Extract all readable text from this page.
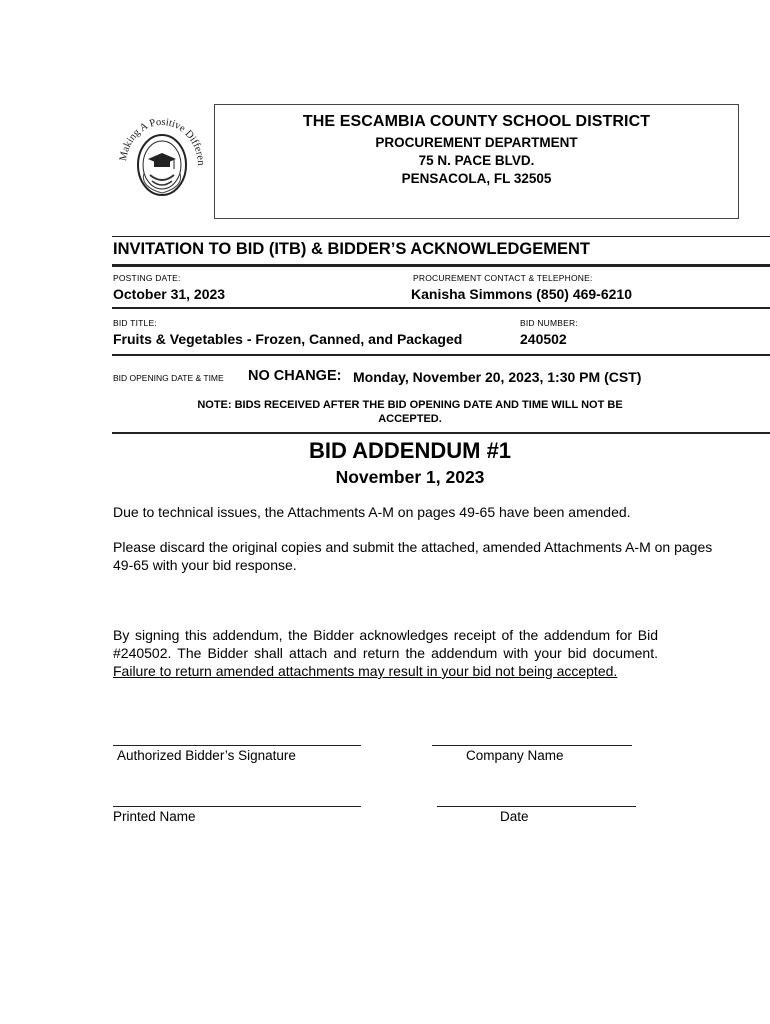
Making A Positive Differen
THE ESCAMBIA COUNTY SCHOOL DISTRICT
PROCUREMENT DEPARTMENT
75 N. PACE BLVD.
PENSACOLA, FL 32505
INVITATION TO BID (ITB) & BIDDER’S ACKNOWLEDGEMENT
POSTING DATE:
October 31, 2023
PROCUREMENT CONTACT & TELEPHONE:
Kanisha Simmons (850) 469-6210
BID TITLE:
Fruits & Vegetables - Frozen, Canned, and Packaged
BID NUMBER:
240502
BID OPENING DATE & TIME NO CHANGE: Monday, November 20, 2023, 1:30 PM (CST)
NOTE: BIDS RECEIVED AFTER THE BID OPENING DATE AND TIME WILL NOT BE
ACCEPTED.
BID ADDENDUM #1
November 1, 2023
Due to technical issues, the Attachments A-M on pages 49-65 have been amended.
Please discard the original copies and submit the attached, amended Attachments A-M on pages 49-65 with your bid response.
By signing this addendum, the Bidder acknowledges receipt of the addendum for Bid #240502. The Bidder shall attach and return the addendum with your bid document. Failure to return amended attachments may result in your bid not being accepted.
Authorized Bidder’s Signature	Company Name
Printed Name	Date
